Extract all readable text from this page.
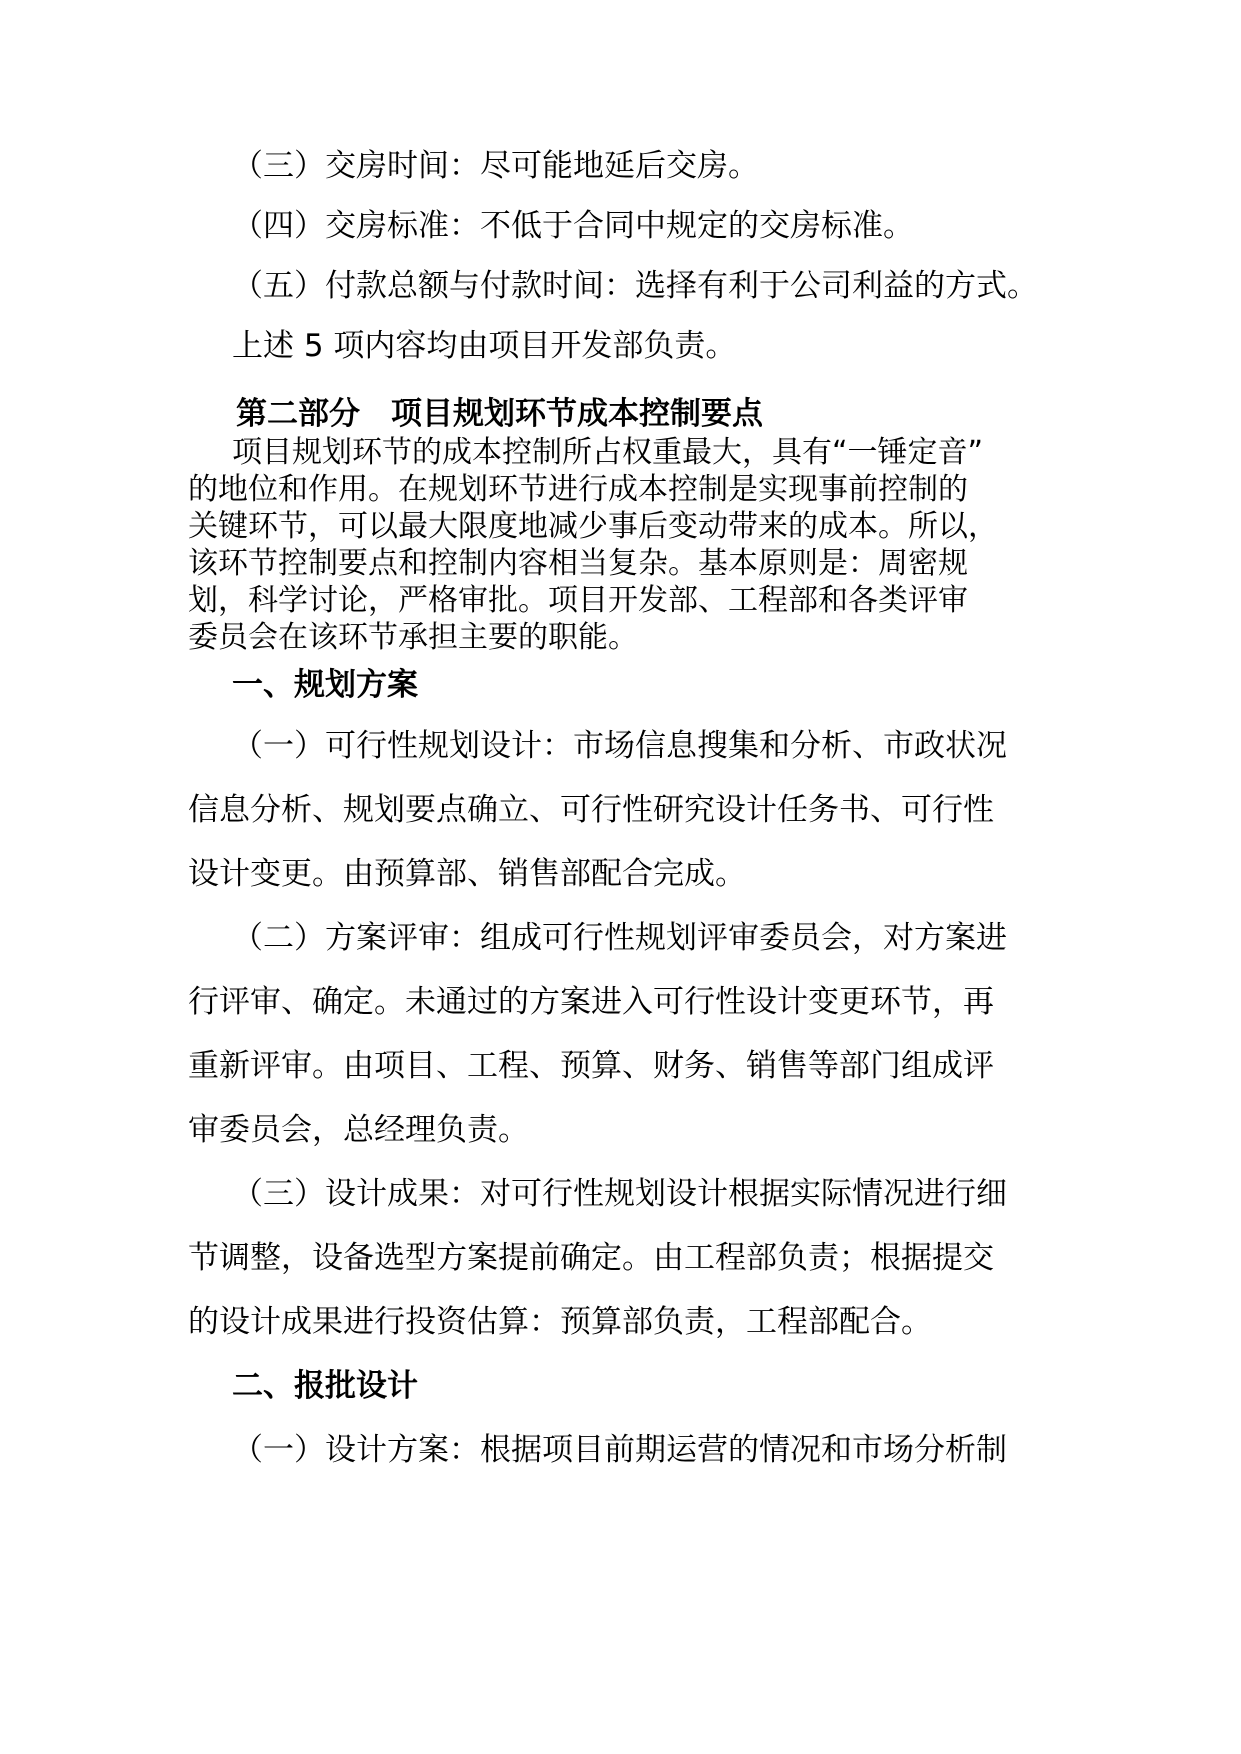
（三）交房时间：尽可能地延后交房。
（四）交房标准：不低于合同中规定的交房标准。
（五）付款总额与付款时间：选择有利于公司利益的方式。
上述 5 项内容均由项目开发部负责。
第二部分　项目规划环节成本控制要点
项目规划环节的成本控制所占权重最大，具有“一锤定音”
的地位和作用。在规划环节进行成本控制是实现事前控制的
关键环节，可以最大限度地减少事后变动带来的成本。所以，
该环节控制要点和控制内容相当复杂。基本原则是：周密规
划，科学讨论，严格审批。项目开发部、工程部和各类评审
委员会在该环节承担主要的职能。
一、规划方案
（一）可行性规划设计：市场信息搜集和分析、市政状况
信息分析、规划要点确立、可行性研究设计任务书、可行性
设计变更。由预算部、销售部配合完成。
（二）方案评审：组成可行性规划评审委员会，对方案进
行评审、确定。未通过的方案进入可行性设计变更环节，再
重新评审。由项目、工程、预算、财务、销售等部门组成评
审委员会，总经理负责。
（三）设计成果：对可行性规划设计根据实际情况进行细
节调整，设备选型方案提前确定。由工程部负责；根据提交
的设计成果进行投资估算：预算部负责，工程部配合。
二、报批设计
（一）设计方案：根据项目前期运营的情况和市场分析制
